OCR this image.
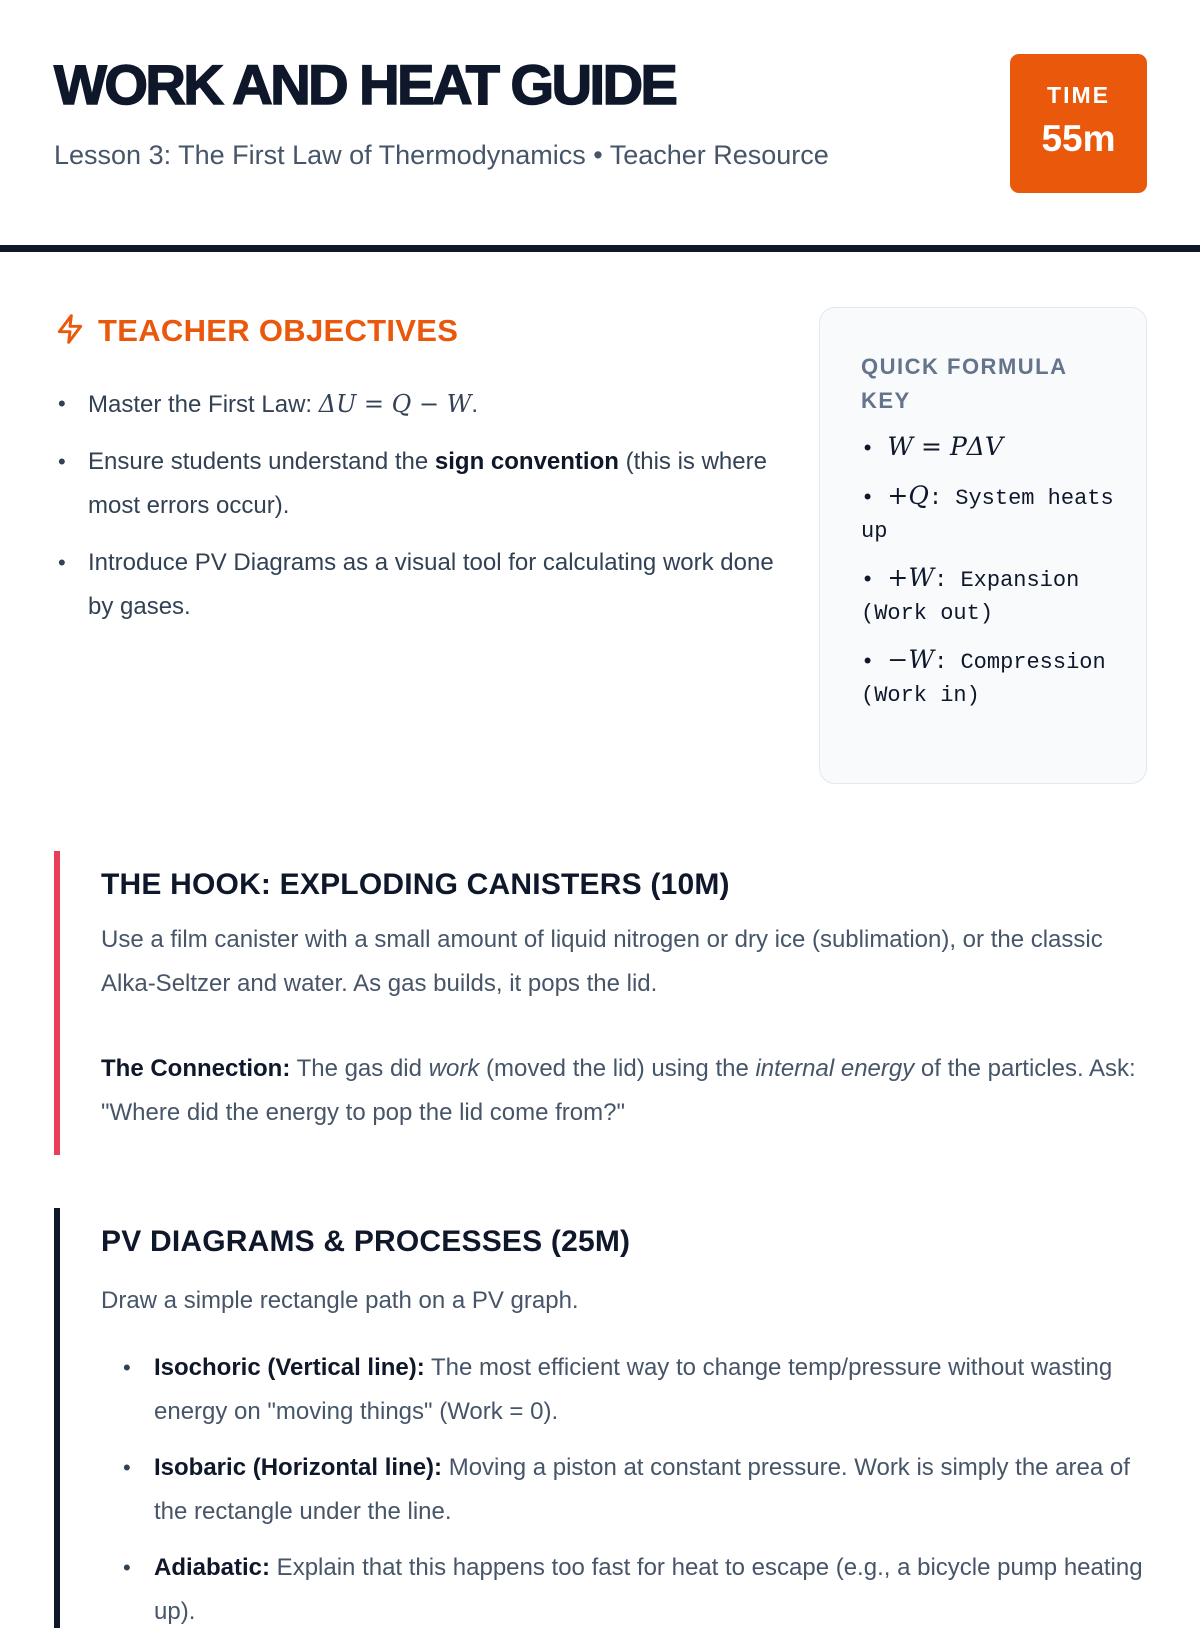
WORK AND HEAT GUIDE
Lesson 3: The First Law of Thermodynamics • Teacher Resource
TIME
55m
TEACHER OBJECTIVES
• Master the First Law: ΔU = Q − W.
• Ensure students understand the sign convention (this is where most errors occur).
• Introduce PV Diagrams as a visual tool for calculating work done by gases.
QUICK FORMULA KEY
• W = PΔV
• +Q: System heats up
• +W: Expansion (Work out)
• −W: Compression (Work in)
THE HOOK: EXPLODING CANISTERS (10M)

Use a film canister with a small amount of liquid nitrogen or dry ice (sublimation), or the classic Alka-Seltzer and water. As gas builds, it pops the lid.

The Connection: The gas did work (moved the lid) using the internal energy of the particles. Ask: "Where did the energy to pop the lid come from?"

PV DIAGRAMS & PROCESSES (25M)

Draw a simple rectangle path on a PV graph.

• Isochoric (Vertical line): The most efficient way to change temp/pressure without wasting energy on "moving things" (Work = 0).
• Isobaric (Horizontal line): Moving a piston at constant pressure. Work is simply the area of the rectangle under the line.
• Adiabatic: Explain that this happens too fast for heat to escape (e.g., a bicycle pump heating up).
